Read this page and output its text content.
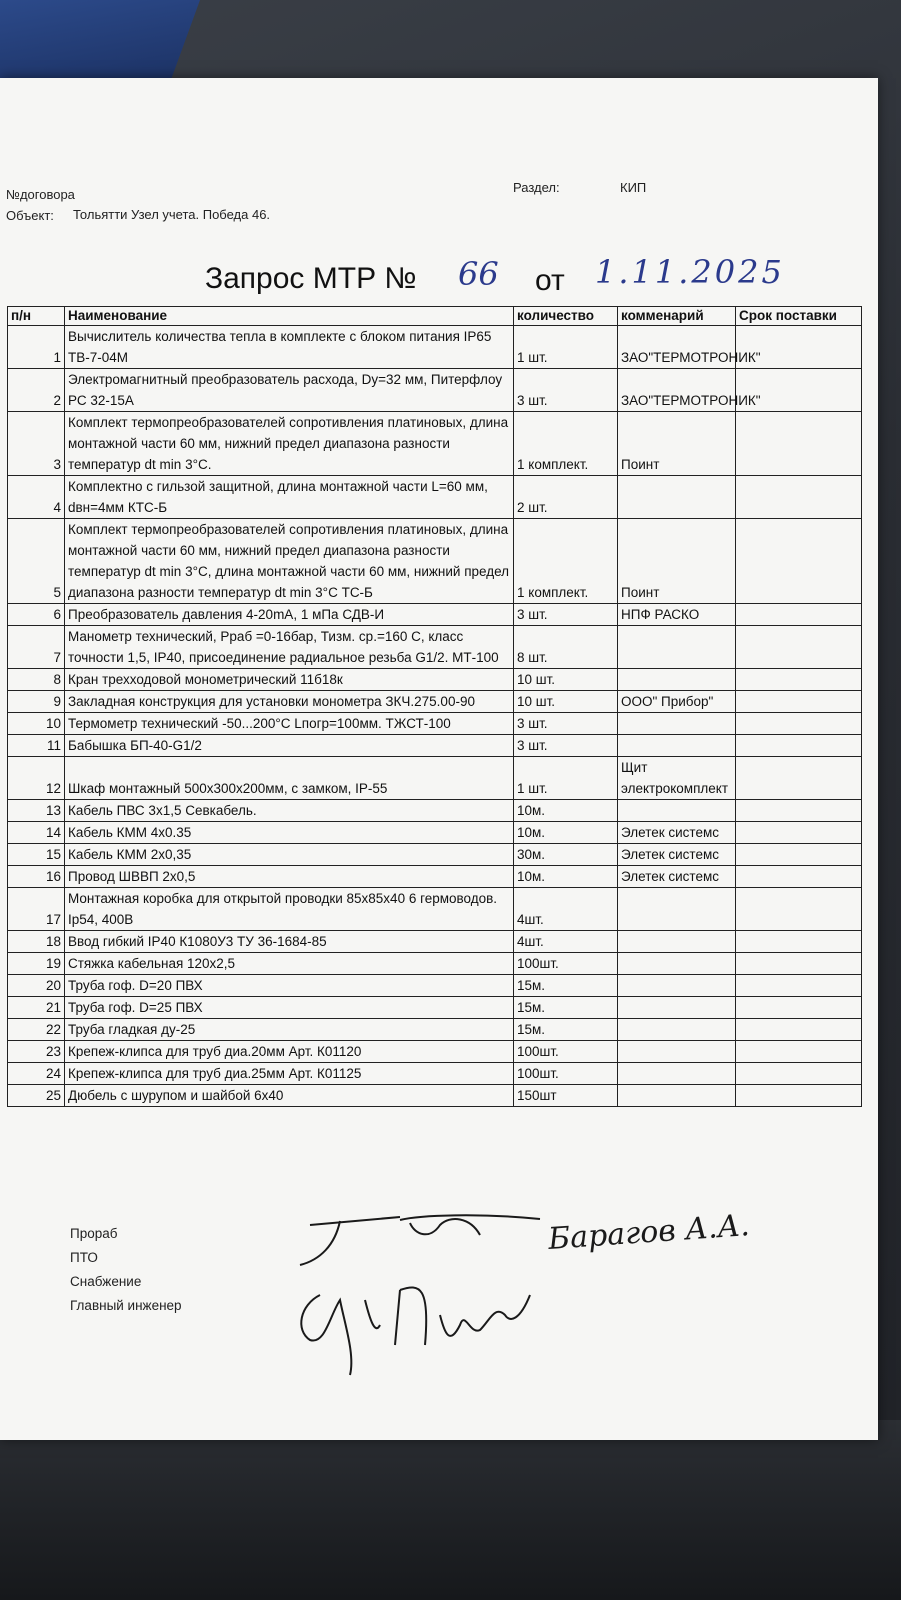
№договора
Объект: Тольятти Узел учета. Победа 46.
Раздел:	КИП
Запрос МТР № 66 от 1.11.2025
п/н	Наименование	количество	комменарий	Срок поставки
1	Вычислитель количества тепла в комплекте с блоком питания IP65 ТВ-7-04М	1 шт.	ЗАО"ТЕРМОТРОНИК"	
2	Электромагнитный преобразователь расхода, Dy=32 мм, Питерфлоу РС 32-15А	3 шт.	ЗАО"ТЕРМОТРОНИК"	
3	Комплект термопреобразователей сопротивления платиновых, длина монтажной части 60 мм, нижний предел диапазона разности температур dt min 3°C.	1 комплект.	Поинт	
4	Комплектно с гильзой защитной, длина монтажной части L=60 мм, dвн=4мм КТС-Б	2 шт.		
5	Комплект термопреобразователей сопротивления платиновых, длина монтажной части 60 мм, нижний предел диапазона разности температур dt min 3°C, длина монтажной части 60 мм, нижний предел диапазона разности температур dt min 3°C ТС-Б	1 комплект.	Поинт	
6	Преобразователь давления 4-20mA, 1 мПа СДВ-И	3 шт.	НПФ РАСКО	
7	Манометр технический, Рраб =0-16бар, Тизм. ср.=160 С, класс точности 1,5, IP40, присоединение радиальное резьба G1/2. МТ-100	8 шт.		
8	Кран трехходовой монометрический 11б18к	10 шт.		
9	Закладная конструкция для установки монометра ЗКЧ.275.00-90	10 шт.	ООО" Прибор"	
10	Термометр технический -50...200°C Lпогр=100мм. ТЖСТ-100	3 шт.		
11	Бабышка БП-40-G1/2	3 шт.		
12	Шкаф монтажный 500х300х200мм, с замком, IP-55	1 шт.	Щит электрокомплект	
13	Кабель ПВС 3х1,5 Севкабель.	10м.		
14	Кабель КММ 4х0.35	10м.	Элетек системс	
15	Кабель КММ 2х0,35	30м.	Элетек системс	
16	Провод ШВВП 2х0,5	10м.	Элетек системс	
17	Монтажная коробка для открытой проводки 85х85х40 6 гермоводов. Ip54, 400В	4шт.		
18	Ввод гибкий IP40 К1080У3 ТУ 36-1684-85	4шт.		
19	Стяжка кабельная 120х2,5	100шт.		
20	Труба гоф. D=20 ПВХ	15м.		
21	Труба гоф. D=25 ПВХ	15м.		
22	Труба гладкая ду-25	15м.		
23	Крепеж-клипса для труб диа.20мм Арт. К01120	100шт.		
24	Крепеж-клипса для труб диа.25мм Арт. К01125	100шт.		
25	Дюбель с шурупом и шайбой 6х40	150шт		
Прораб
ПТО
Снабжение
Главный инженер
Барагов А.А.
